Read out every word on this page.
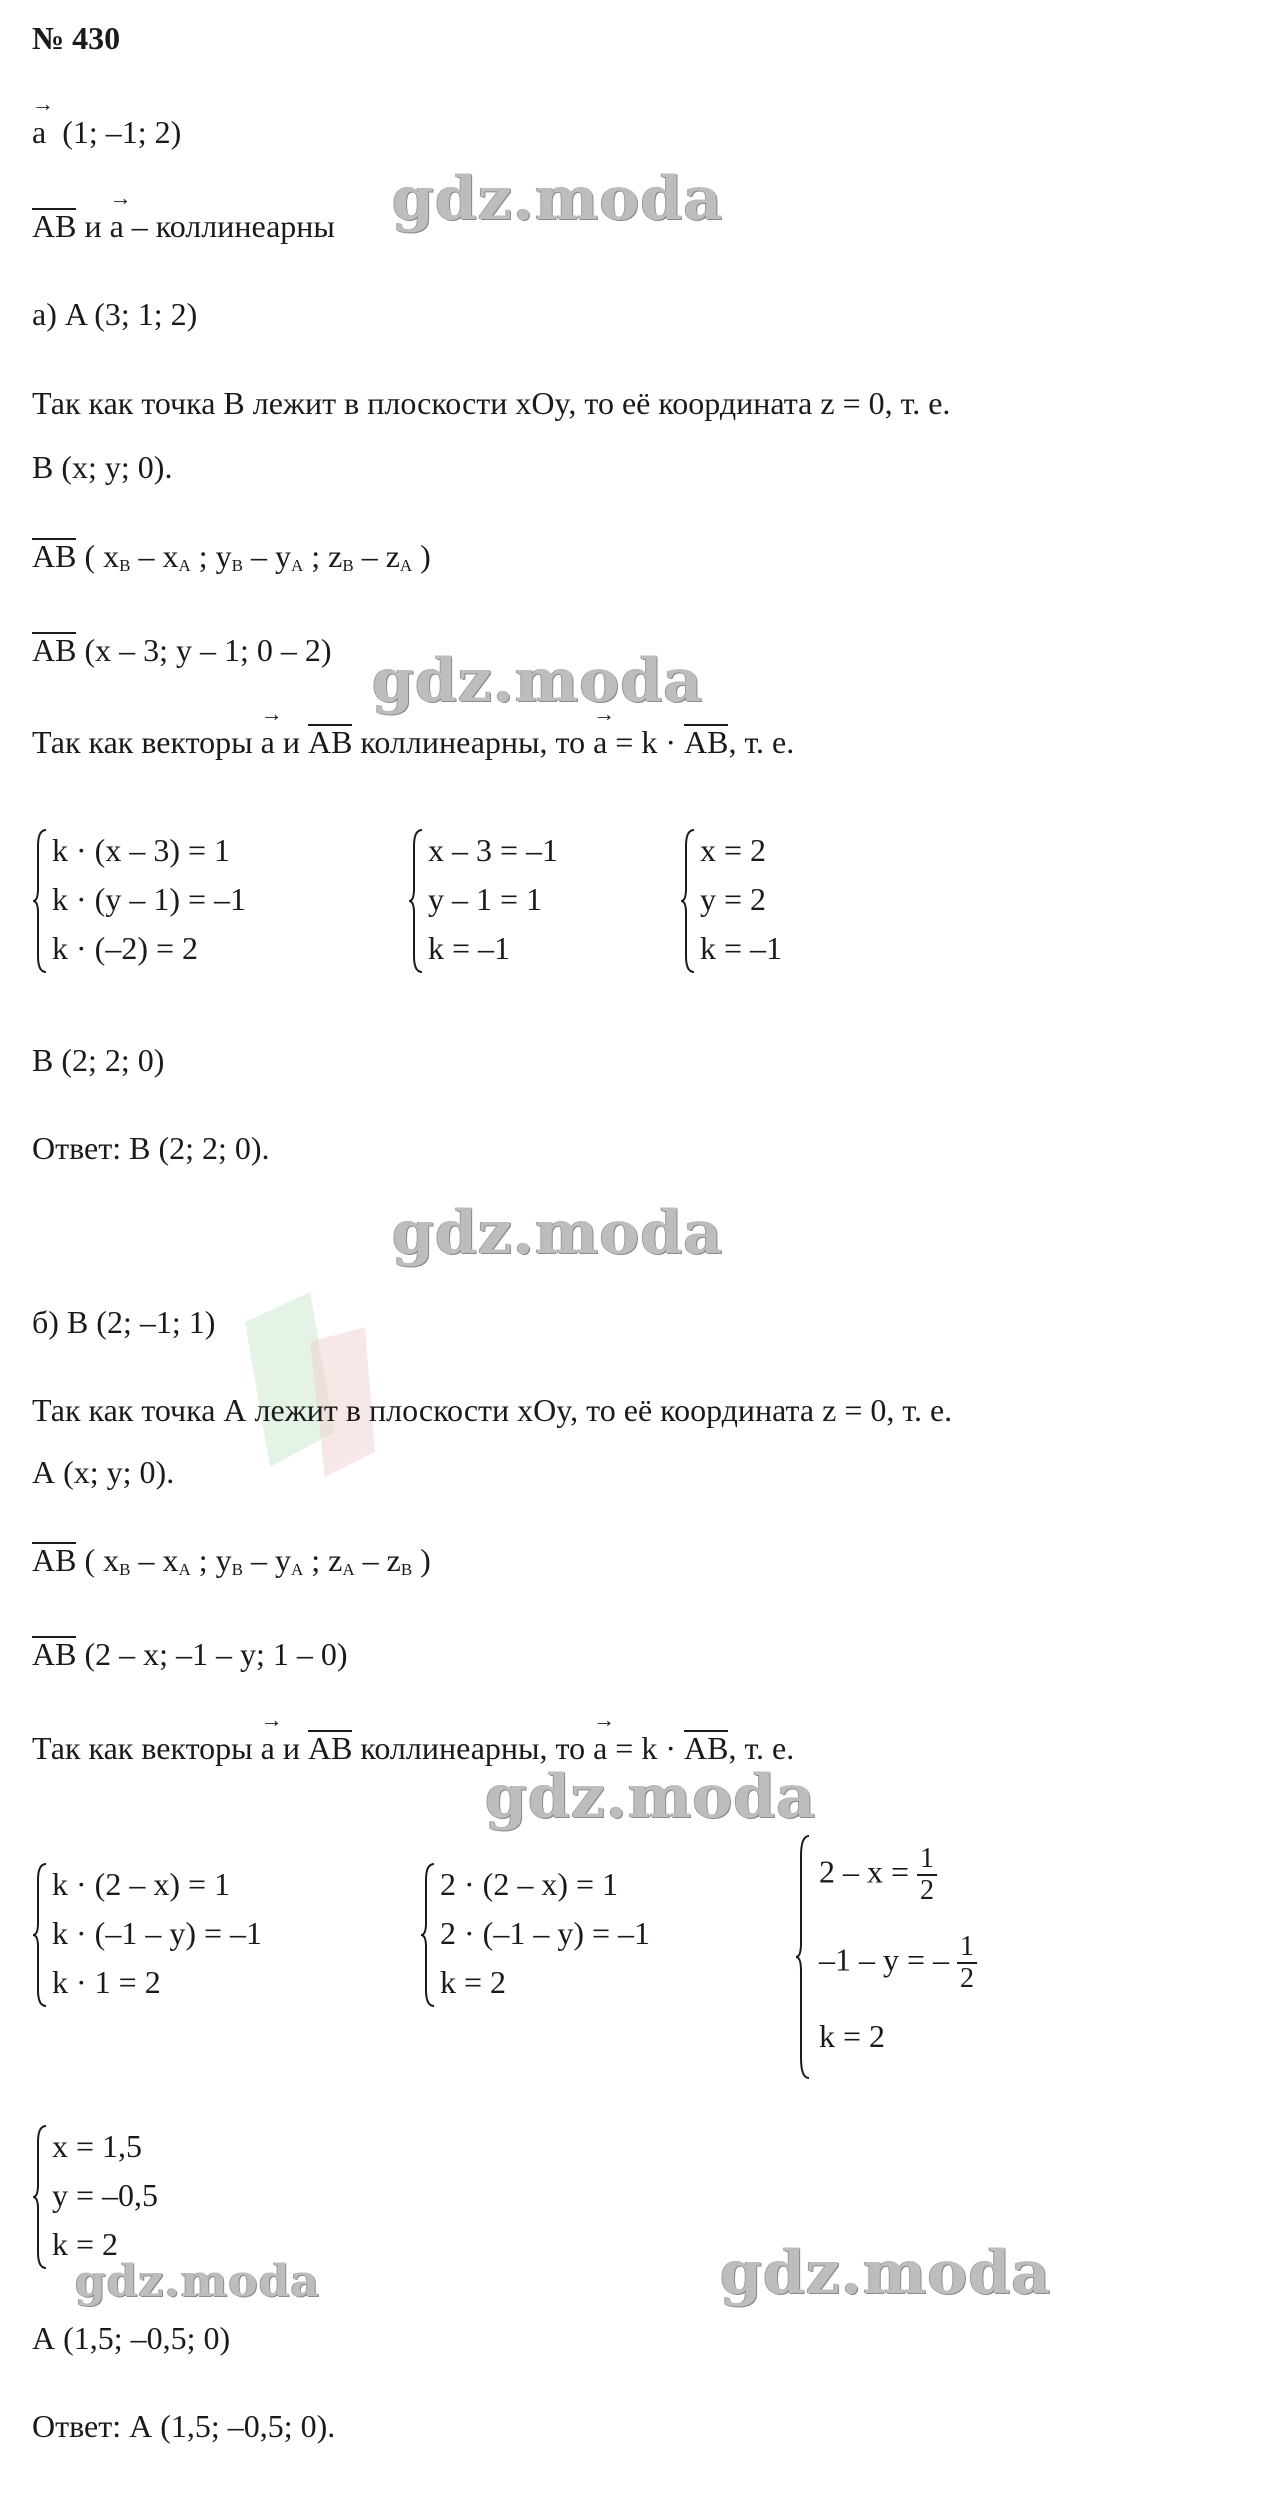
№ 430
→ a (1; –1; 2)
AB и → a – коллинеарны
а) A (3; 1; 2)
Так как точка В лежит в плоскости xOy, то её координата z = 0, т. е.
В (x; y; 0).
AB ( $x_B - x_A$ ; $y_B - y_A$ ; $z_B - z_A$ )
AB (x – 3; y – 1; 0 – 2)
Так как векторы → a и AB коллинеарны, то → a = k · AB, т. е.
k · (x – 3) = 1
k · (y – 1) = –1
k · (–2) = 2
x – 3 = –1
y – 1 = 1
k = –1
x = 2
y = 2
k = –1
В (2; 2; 0)
Ответ: В (2; 2; 0).
б) В (2; –1; 1)
Так как точка А лежит в плоскости xOy, то её координата z = 0, т. е.
А (x; y; 0).
AB ( $x_B - x_A$ ; $y_B - y_A$ ; $z_A - z_B$ )
AB (2 – x; –1 – y; 1 – 0)
Так как векторы → a и AB коллинеарны, то → a = k · AB, т. е.
k · (2 – x) = 1
k · (–1 – y) = –1
k · 1 = 2
2 · (2 – x) = 1
2 · (–1 – y) = –1
k = 2
$2 - x = \frac{1}{2}$
–1 – y = – $\frac{1}{2}$
k = 2
x = 1,5
y = –0,5
k = 2
А (1,5; –0,5; 0)
Ответ: А (1,5; –0,5; 0).
gdz.moda
gdz.moda
gdz.moda
gdz.moda
gdz.moda	gdz.moda
